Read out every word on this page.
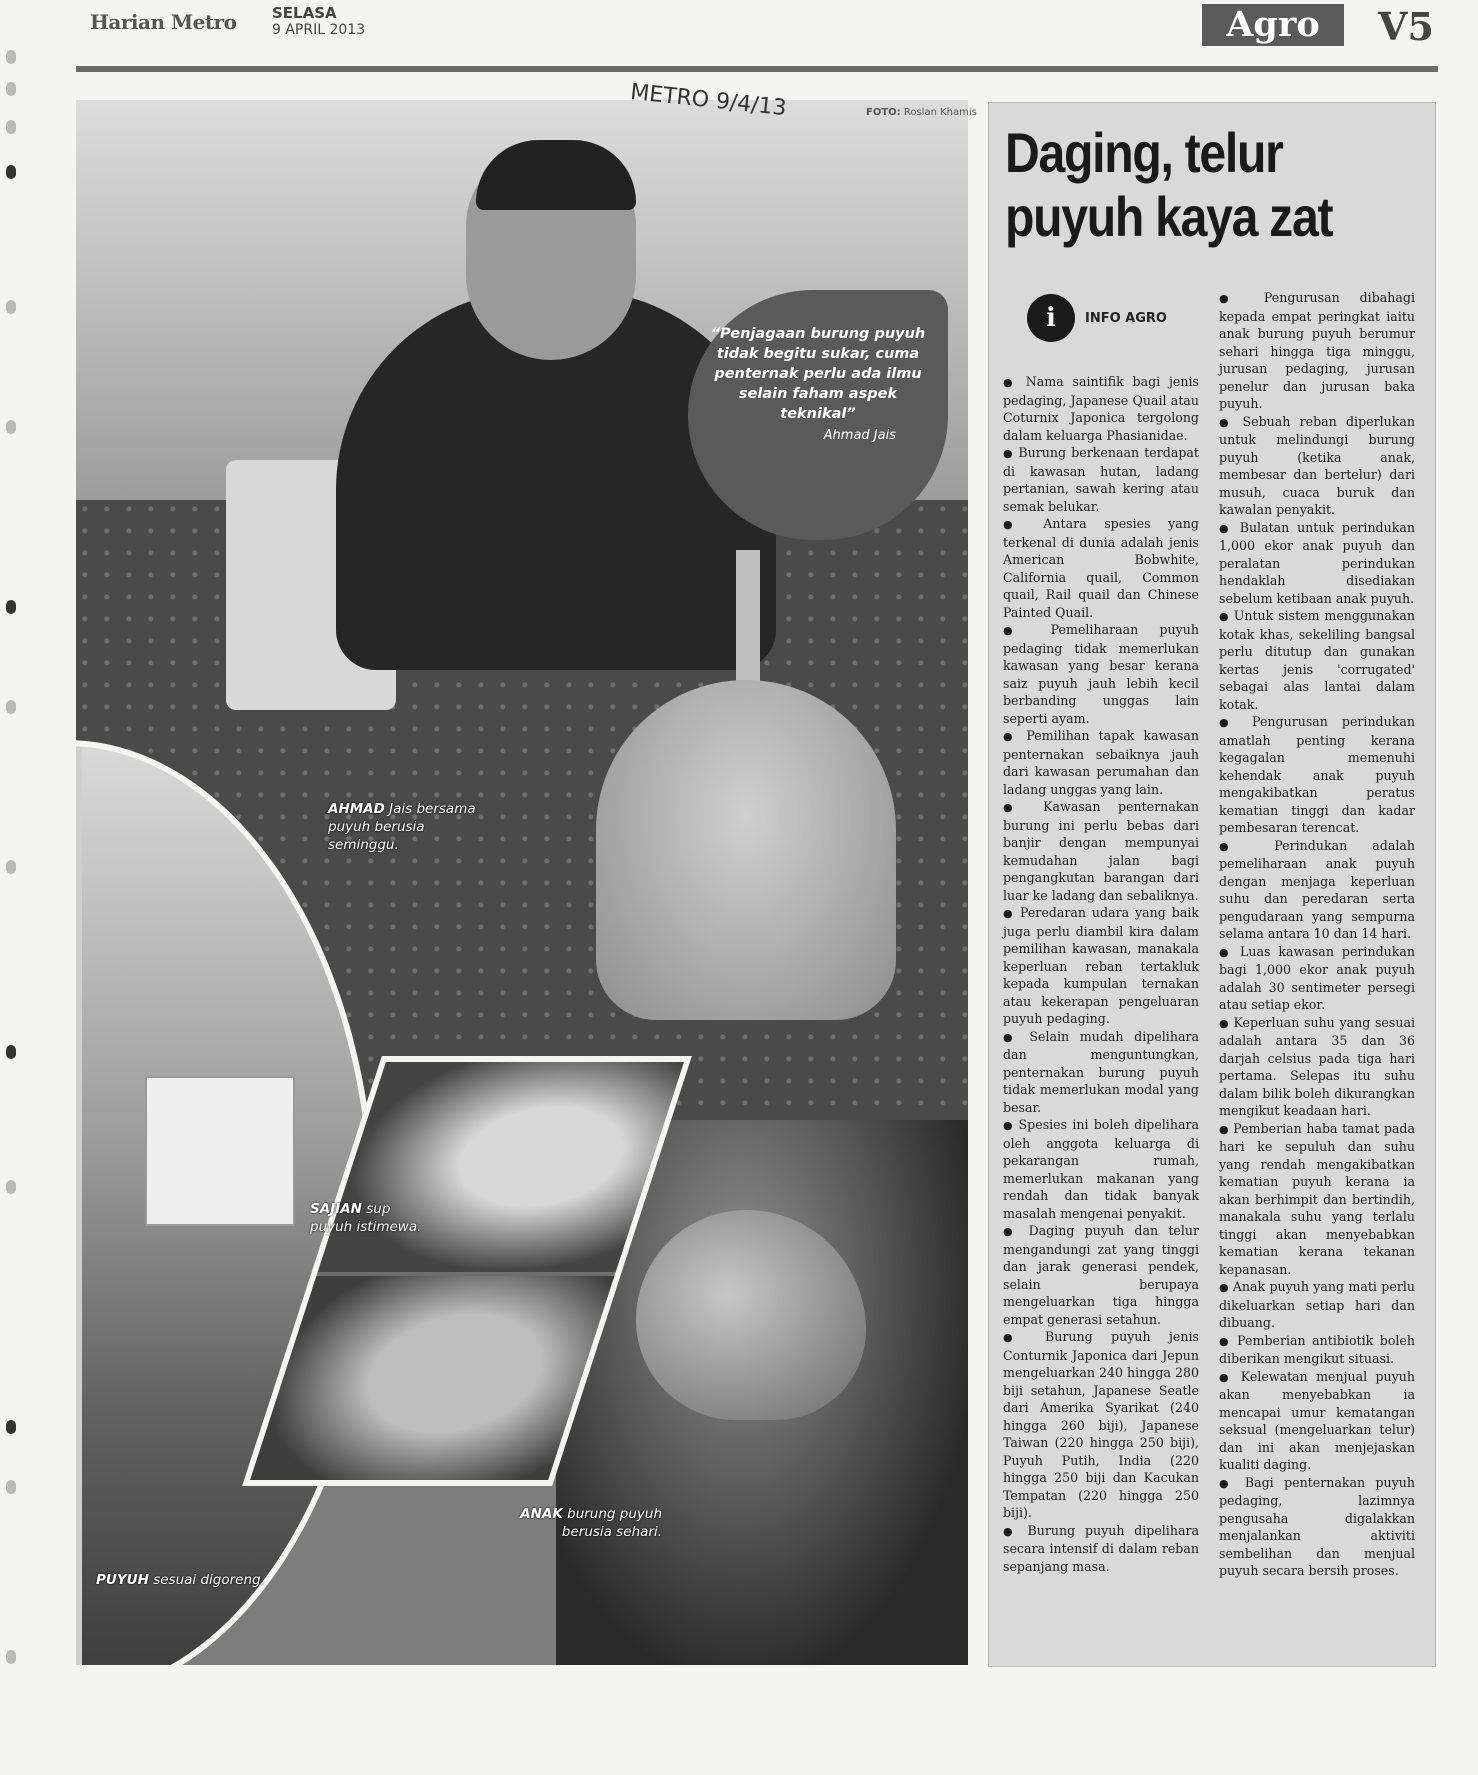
Harian Metro SELASA
9 APRIL 2013	Agro	V5
“Penjagaan burung puyuh tidak begitu sukar, cuma penternak perlu ada ilmu selain faham aspek teknikal”
Ahmad Jais
AHMAD Jais bersama puyuh berusia seminggu.
SAJIAN sup puyuh istimewa.
ANAK burung puyuh berusia sehari.
PUYUH sesuai digoreng.
METRO 9/4/13	FOTO: Roslan Khamis
Daging, telur puyuh kaya zat
i	INFO AGRO

● Nama saintifik bagi jenis pedaging, Japanese Quail atau Coturnix Japonica tergolong dalam keluarga Phasianidae.

● Burung berkenaan terdapat di kawasan hutan, ladang pertanian, sawah kering atau semak belukar.

● Antara spesies yang terkenal di dunia adalah jenis American Bobwhite, California quail, Common quail, Rail quail dan Chinese Painted Quail.

● Pemeliharaan puyuh pedaging tidak memerlukan kawasan yang besar kerana saiz puyuh jauh lebih kecil berbanding unggas lain seperti ayam.

● Pemilihan tapak kawasan penternakan sebaiknya jauh dari kawasan perumahan dan ladang unggas yang lain.

● Kawasan penternakan burung ini perlu bebas dari banjir dengan mempunyai kemudahan jalan bagi pengangkutan barangan dari luar ke ladang dan sebaliknya.

● Peredaran udara yang baik juga perlu diambil kira dalam pemilihan kawasan, manakala keperluan reban tertakluk kepada kumpulan ternakan atau kekerapan pengeluaran puyuh pedaging.

● Selain mudah dipelihara dan menguntungkan, penternakan burung puyuh tidak memerlukan modal yang besar.

● Spesies ini boleh dipelihara oleh anggota keluarga di pekarangan rumah, memerlukan makanan yang rendah dan tidak banyak masalah mengenai penyakit.

● Daging puyuh dan telur mengandungi zat yang tinggi dan jarak generasi pendek, selain berupaya mengeluarkan tiga hingga empat generasi setahun.

● Burung puyuh jenis Conturnik Japonica dari Jepun mengeluarkan 240 hingga 280 biji setahun, Japanese Seatle dari Amerika Syarikat (240 hingga 260 biji), Japanese Taiwan (220 hingga 250 biji), Puyuh Putih, India (220 hingga 250 biji dan Kacukan Tempatan (220 hingga 250 biji).

● Burung puyuh dipelihara secara intensif di dalam reban sepanjang masa.

● Pengurusan dibahagi kepada empat peringkat iaitu anak burung puyuh berumur sehari hingga tiga minggu, jurusan pedaging, jurusan penelur dan jurusan baka puyuh.

● Sebuah reban diperlukan untuk melindungi burung puyuh (ketika anak, membesar dan bertelur) dari musuh, cuaca buruk dan kawalan penyakit.

● Bulatan untuk perindukan 1,000 ekor anak puyuh dan peralatan perindukan hendaklah disediakan sebelum ketibaan anak puyuh.

● Untuk sistem menggunakan kotak khas, sekeliling bangsal perlu ditutup dan gunakan kertas jenis 'corrugated' sebagai alas lantai dalam kotak.

● Pengurusan perindukan amatlah penting kerana kegagalan memenuhi kehendak anak puyuh mengakibatkan peratus kematian tinggi dan kadar pembesaran terencat.

● Perindukan adalah pemeliharaan anak puyuh dengan menjaga keperluan suhu dan peredaran serta pengudaraan yang sempurna selama antara 10 dan 14 hari.

● Luas kawasan perindukan bagi 1,000 ekor anak puyuh adalah 30 sentimeter persegi atau setiap ekor.

● Keperluan suhu yang sesuai adalah antara 35 dan 36 darjah celsius pada tiga hari pertama. Selepas itu suhu dalam bilik boleh dikurangkan mengikut keadaan hari.

● Pemberian haba tamat pada hari ke sepuluh dan suhu yang rendah mengakibatkan kematian puyuh kerana ia akan berhimpit dan bertindih, manakala suhu yang terlalu tinggi akan menyebabkan kematian kerana tekanan kepanasan.

● Anak puyuh yang mati perlu dikeluarkan setiap hari dan dibuang.

● Pemberian antibiotik boleh diberikan mengikut situasi.

● Kelewatan menjual puyuh akan menyebabkan ia mencapai umur kematangan seksual (mengeluarkan telur) dan ini akan menjejaskan kualiti daging.

● Bagi penternakan puyuh pedaging, lazimnya pengusaha digalakkan menjalankan aktiviti sembelihan dan menjual puyuh secara bersih proses.
